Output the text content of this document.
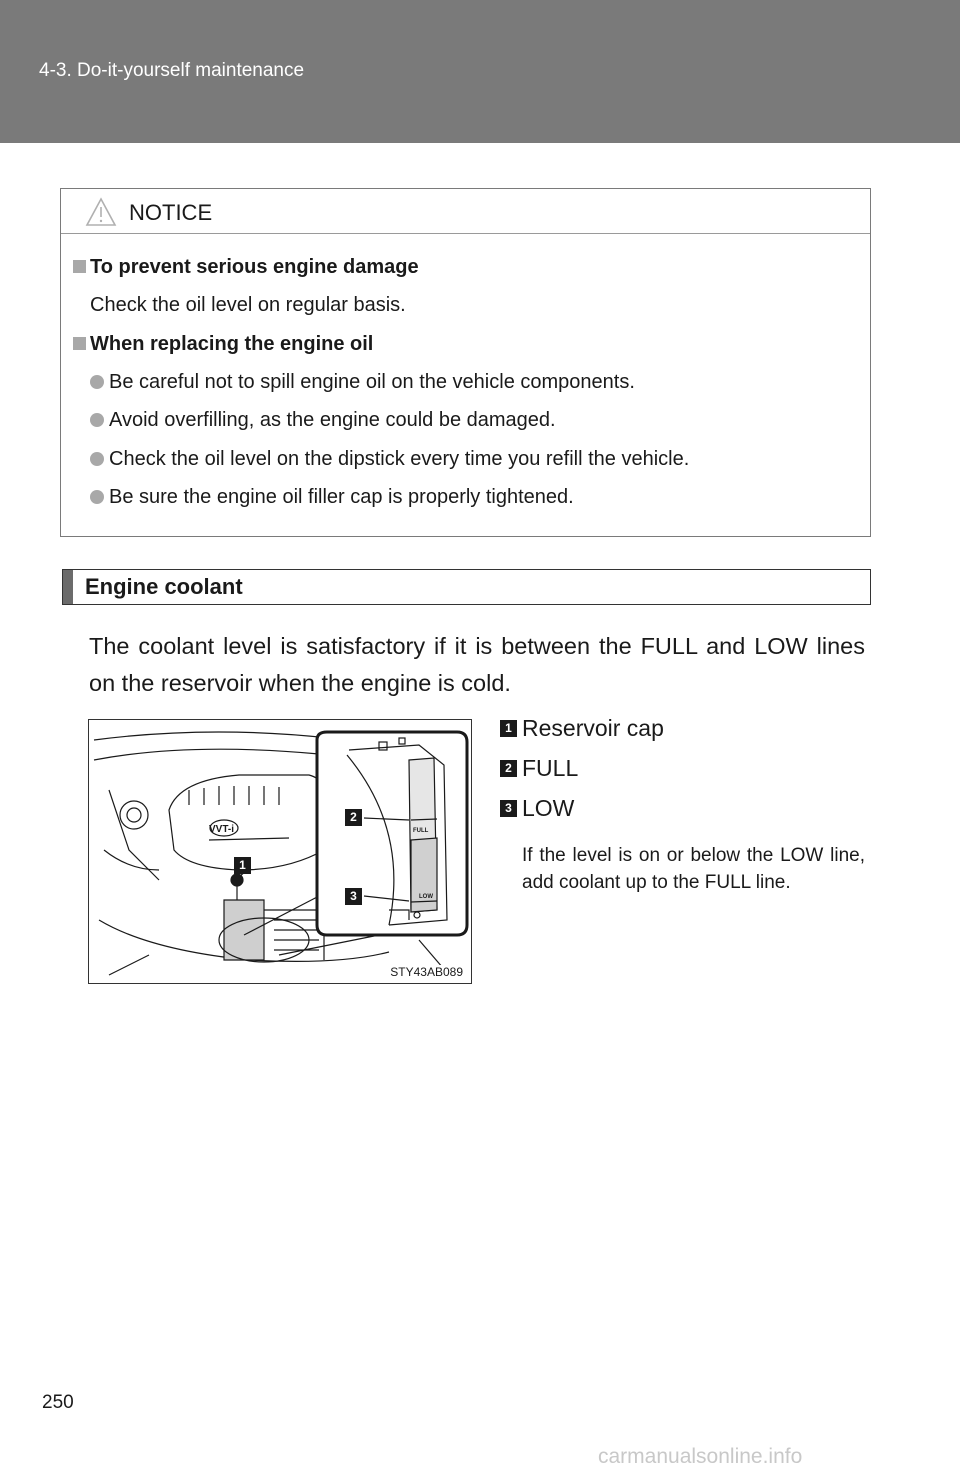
4-3. Do-it-yourself maintenance
NOTICE
To prevent serious engine damage
Check the oil level on regular basis.
When replacing the engine oil
Be careful not to spill engine oil on the vehicle components.
Avoid overfilling, as the engine could be damaged.
Check the oil level on the dipstick every time you refill the vehicle.
Be sure the engine oil filler cap is properly tightened.
Engine coolant
The coolant level is satisfactory if it is between the FULL and LOW lines on the reservoir when the engine is cold.
FULL
LOW
VVT-i
1
2
3
STY43AB089
1 Reservoir cap
2 FULL
3 LOW
If the level is on or below the LOW line, add coolant up to the FULL line.
250
carmanualsonline.info
